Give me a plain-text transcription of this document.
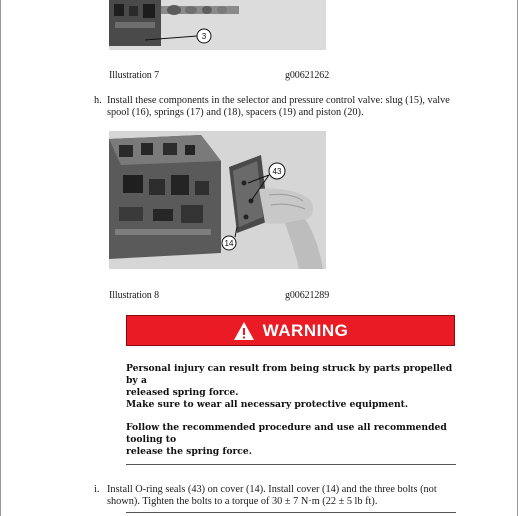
3
Illustration 7	g00621262
h. Install these components in the selector and pressure control valve: slug (15), valve
spool (16), springs (17) and (18), spacers (19) and piston (20).
43
14
Illustration 8	g00621289
WARNING
Personal injury can result from being struck by parts propelled by a
released spring force.
Make sure to wear all necessary protective equipment.
Follow the recommended procedure and use all recommended tooling to
release the spring force.
i. Install O-ring seals (43) on cover (14). Install cover (14) and the three bolts (not
shown). Tighten the bolts to a torque of 30 ± 7 N·m (22 ± 5 lb ft).
